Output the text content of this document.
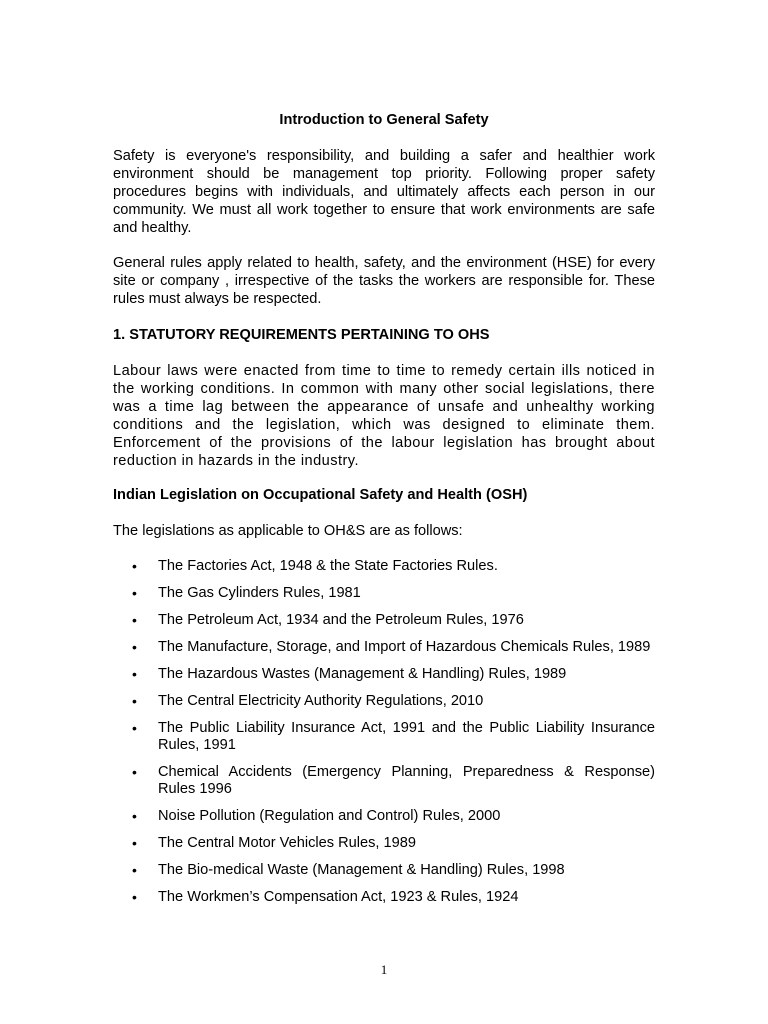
Introduction to General Safety

Safety is everyone's responsibility, and building a safer and healthier work environment should be management top priority. Following proper safety procedures begins with individuals, and ultimately affects each person in our community. We must all work together to ensure that work environments are safe and healthy.

General rules apply related to health, safety, and the environment (HSE) for every site or company , irrespective of the tasks the workers are responsible for. These rules must always be respected.

1. STATUTORY REQUIREMENTS PERTAINING TO OHS

Labour laws were enacted from time to time to remedy certain ills noticed in the working conditions. In common with many other social legislations, there was a time lag between the appearance of unsafe and unhealthy working conditions and the legislation, which was designed to eliminate them. Enforcement of the provisions of the labour legislation has brought about reduction in hazards in the industry.

Indian Legislation on Occupational Safety and Health (OSH)

The legislations as applicable to OH&S are as follows:

• The Factories Act, 1948 & the State Factories Rules.
• The Gas Cylinders Rules, 1981
• The Petroleum Act, 1934 and the Petroleum Rules, 1976
• The Manufacture, Storage, and Import of Hazardous Chemicals Rules, 1989
• The Hazardous Wastes (Management & Handling) Rules, 1989
• The Central Electricity Authority Regulations, 2010
• The Public Liability Insurance Act, 1991 and the Public Liability Insurance Rules, 1991
• Chemical Accidents (Emergency Planning, Preparedness & Response) Rules 1996
• Noise Pollution (Regulation and Control) Rules, 2000
• The Central Motor Vehicles Rules, 1989
• The Bio-medical Waste (Management & Handling) Rules, 1998
• The Workmen’s Compensation Act, 1923 & Rules, 1924
1
